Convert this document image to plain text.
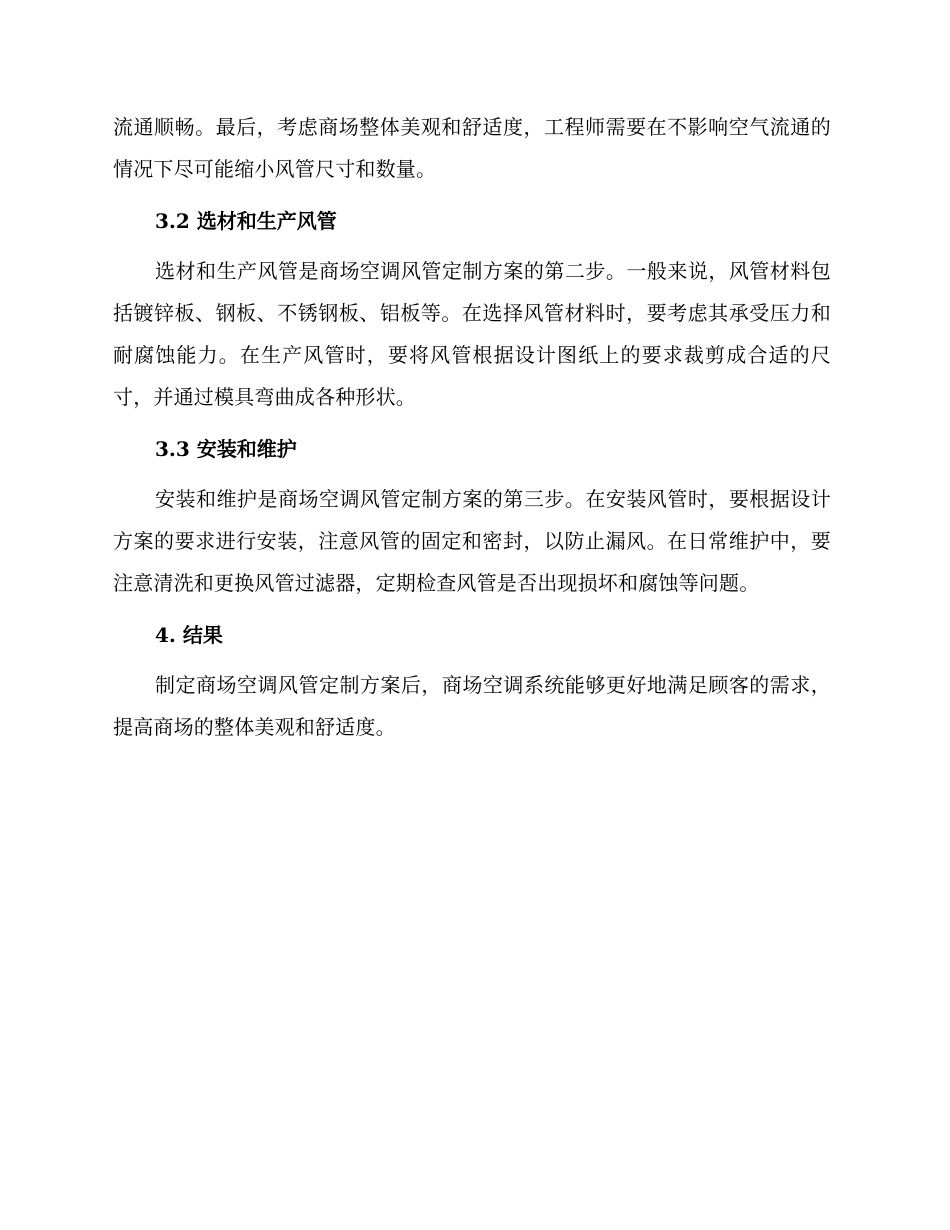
流通顺畅。最后，考虑商场整体美观和舒适度，工程师需要在不影响空气流通的情况下尽可能缩小风管尺寸和数量。

3.2 选材和生产风管

选材和生产风管是商场空调风管定制方案的第二步。一般来说，风管材料包括镀锌板、钢板、不锈钢板、铝板等。在选择风管材料时，要考虑其承受压力和耐腐蚀能力。在生产风管时，要将风管根据设计图纸上的要求裁剪成合适的尺寸，并通过模具弯曲成各种形状。

3.3 安装和维护

安装和维护是商场空调风管定制方案的第三步。在安装风管时，要根据设计方案的要求进行安装，注意风管的固定和密封，以防止漏风。在日常维护中，要注意清洗和更换风管过滤器，定期检查风管是否出现损坏和腐蚀等问题。

4. 结果

制定商场空调风管定制方案后，商场空调系统能够更好地满足顾客的需求，提高商场的整体美观和舒适度。
